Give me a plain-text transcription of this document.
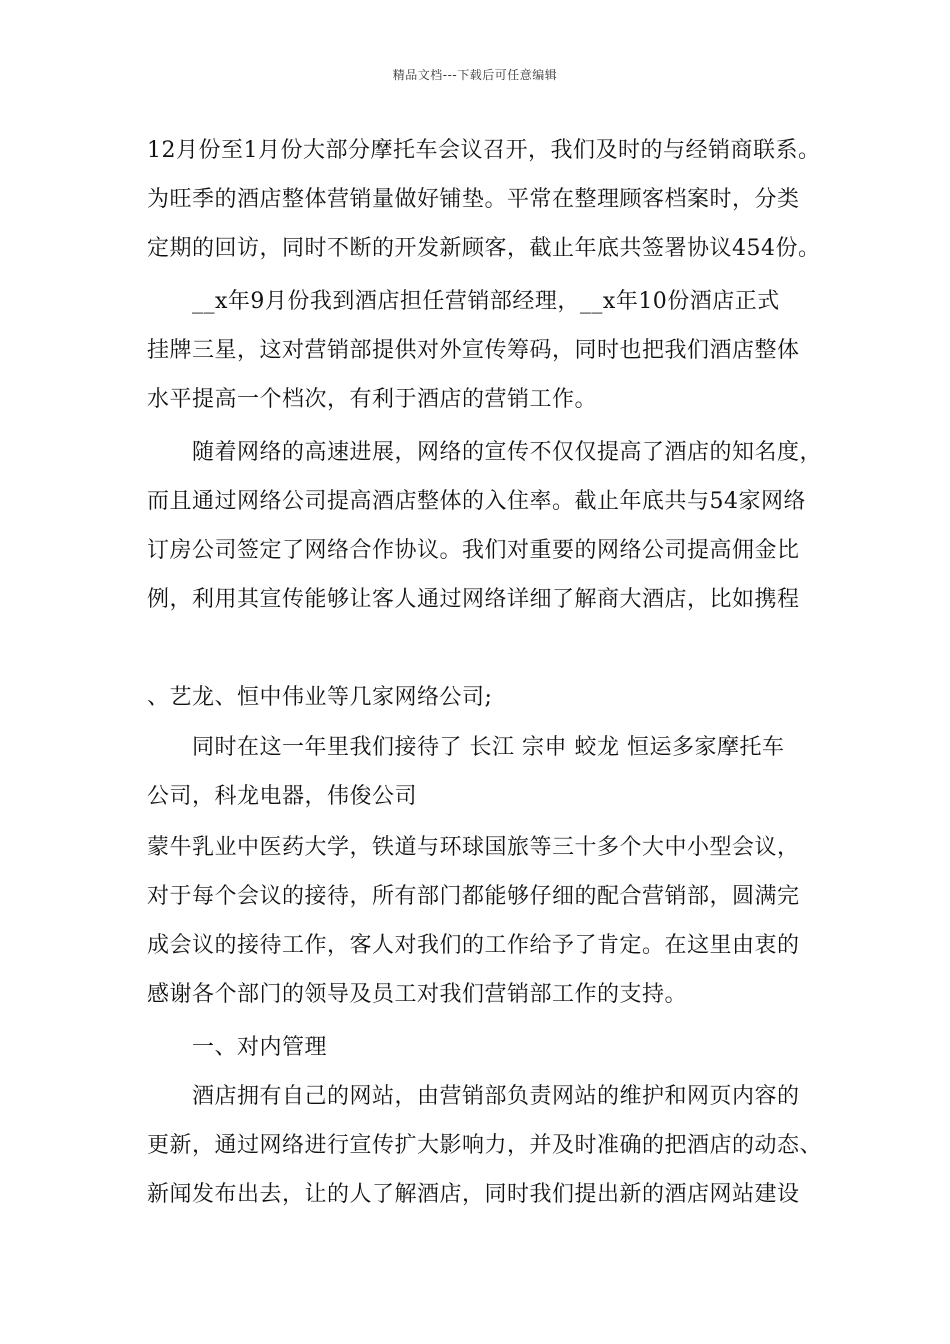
精品文档---下载后可任意编辑
12月份至1月份大部分摩托车会议召开，我们及时的与经销商联系。
为旺季的酒店整体营销量做好铺垫。平常在整理顾客档案时，分类
定期的回访，同时不断的开发新顾客，截止年底共签署协议454份。
__x年9月份我到酒店担任营销部经理，__x年10份酒店正式
挂牌三星，这对营销部提供对外宣传筹码，同时也把我们酒店整体
水平提高一个档次，有利于酒店的营销工作。
随着网络的高速进展，网络的宣传不仅仅提高了酒店的知名度，
而且通过网络公司提高酒店整体的入住率。截止年底共与54家网络
订房公司签定了网络合作协议。我们对重要的网络公司提高佣金比
例，利用其宣传能够让客人通过网络详细了解商大酒店，比如携程
、艺龙、恒中伟业等几家网络公司;
同时在这一年里我们接待了 长江 宗申 蛟龙 恒运多家摩托车
公司，科龙电器，伟俊公司
蒙牛乳业中医药大学，铁道与环球国旅等三十多个大中小型会议，
对于每个会议的接待，所有部门都能够仔细的配合营销部，圆满完
成会议的接待工作，客人对我们的工作给予了肯定。在这里由衷的
感谢各个部门的领导及员工对我们营销部工作的支持。
一、对内管理
酒店拥有自己的网站，由营销部负责网站的维护和网页内容的
更新，通过网络进行宣传扩大影响力，并及时准确的把酒店的动态、
新闻发布出去，让的人了解酒店，同时我们提出新的酒店网站建设
